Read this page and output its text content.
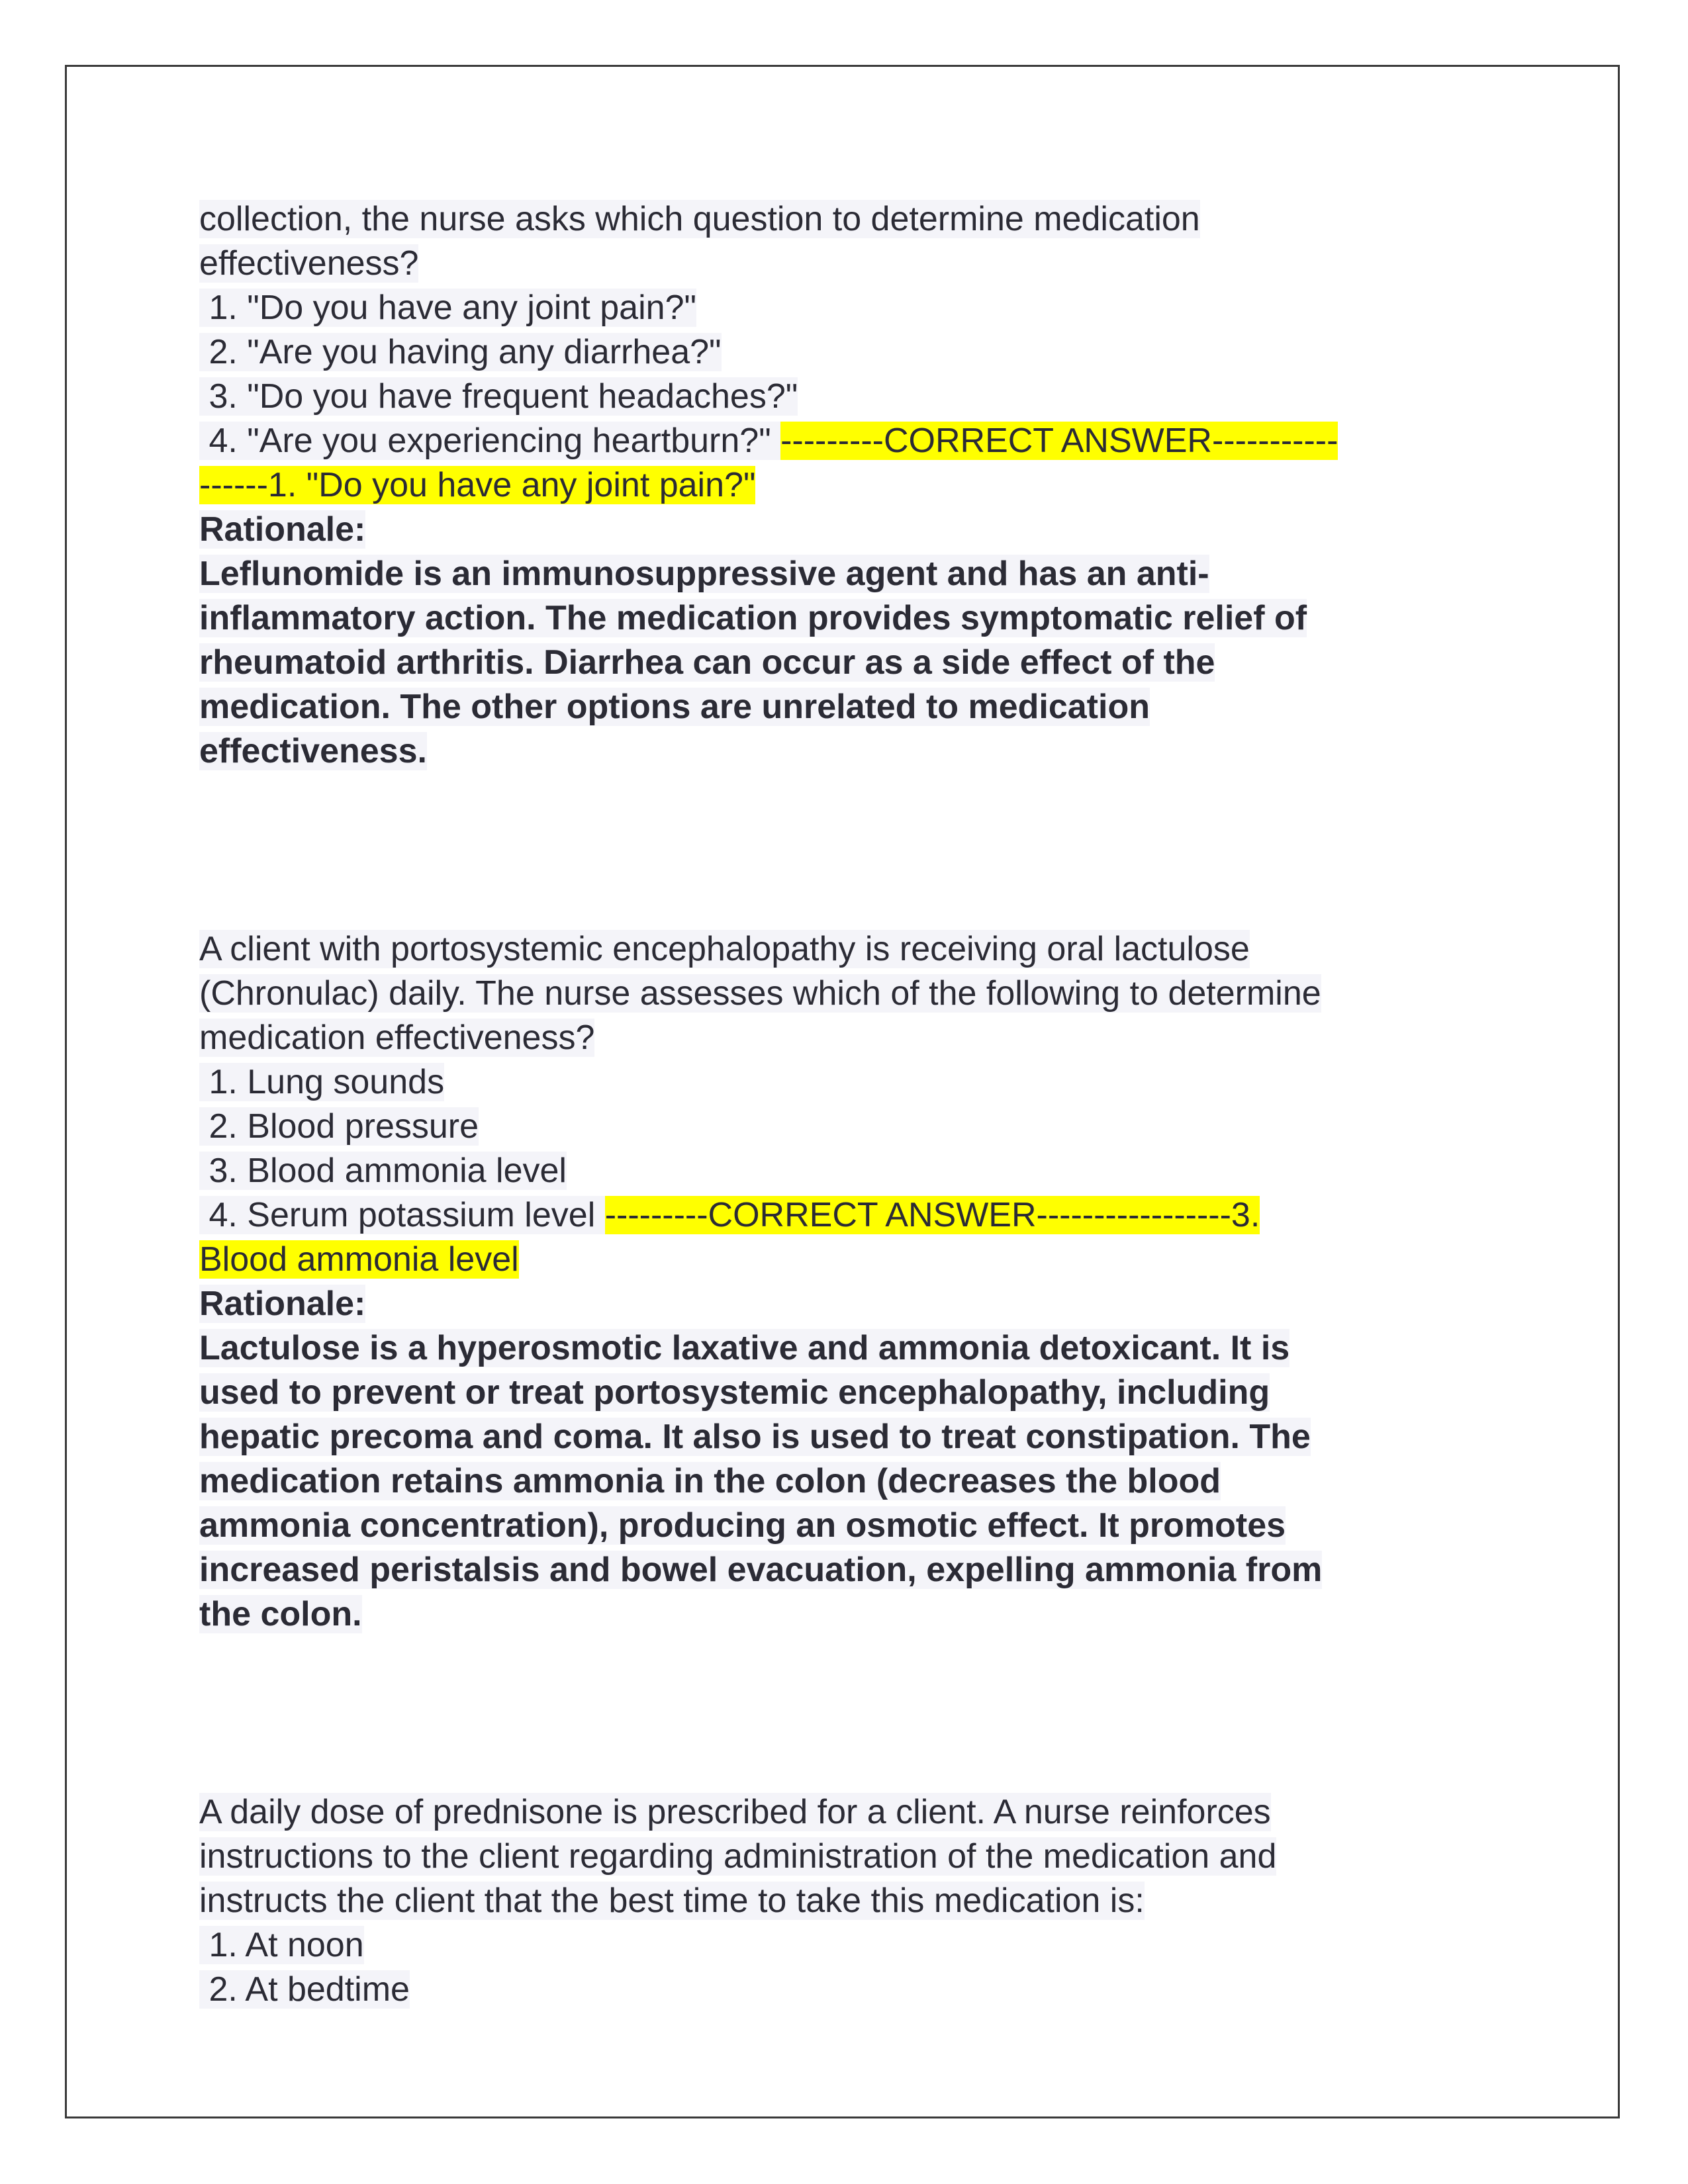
collection, the nurse asks which question to determine medication
effectiveness?
1. "Do you have any joint pain?"
2. "Are you having any diarrhea?"
3. "Do you have frequent headaches?"
4. "Are you experiencing heartburn?" ---------CORRECT ANSWER-----------
------1. "Do you have any joint pain?"
Rationale:
Leflunomide is an immunosuppressive agent and has an anti-
inflammatory action. The medication provides symptomatic relief of
rheumatoid arthritis. Diarrhea can occur as a side effect of the
medication. The other options are unrelated to medication
effectiveness.
A client with portosystemic encephalopathy is receiving oral lactulose
(Chronulac) daily. The nurse assesses which of the following to determine
medication effectiveness?
1. Lung sounds
2. Blood pressure
3. Blood ammonia level
4. Serum potassium level ---------CORRECT ANSWER-----------------3.
Blood ammonia level
Rationale:
Lactulose is a hyperosmotic laxative and ammonia detoxicant. It is
used to prevent or treat portosystemic encephalopathy, including
hepatic precoma and coma. It also is used to treat constipation. The
medication retains ammonia in the colon (decreases the blood
ammonia concentration), producing an osmotic effect. It promotes
increased peristalsis and bowel evacuation, expelling ammonia from
the colon.
A daily dose of prednisone is prescribed for a client. A nurse reinforces
instructions to the client regarding administration of the medication and
instructs the client that the best time to take this medication is:
1. At noon
2. At bedtime
